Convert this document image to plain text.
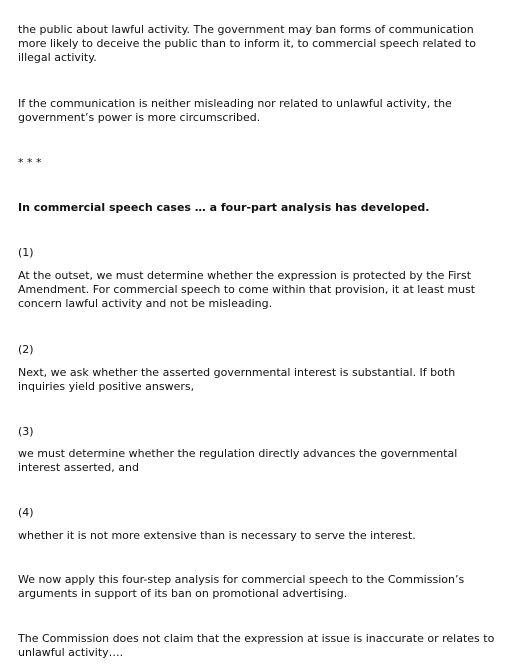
the public about lawful activity. The government may ban forms of communication more likely to deceive the public than to inform it, to commercial speech related to illegal activity.

If the communication is neither misleading nor related to unlawful activity, the government’s power is more circumscribed.

* * *

In commercial speech cases … a four-part analysis has developed.

(1)

At the outset, we must determine whether the expression is protected by the First Amendment. For commercial speech to come within that provision, it at least must concern lawful activity and not be misleading.

(2)

Next, we ask whether the asserted governmental interest is substantial. If both inquiries yield positive answers,

(3)

we must determine whether the regulation directly advances the governmental interest asserted, and

(4)

whether it is not more extensive than is necessary to serve the interest.

We now apply this four-step analysis for commercial speech to the Commission’s arguments in support of its ban on promotional advertising.

The Commission does not claim that the expression at issue is inaccurate or relates to unlawful activity….
